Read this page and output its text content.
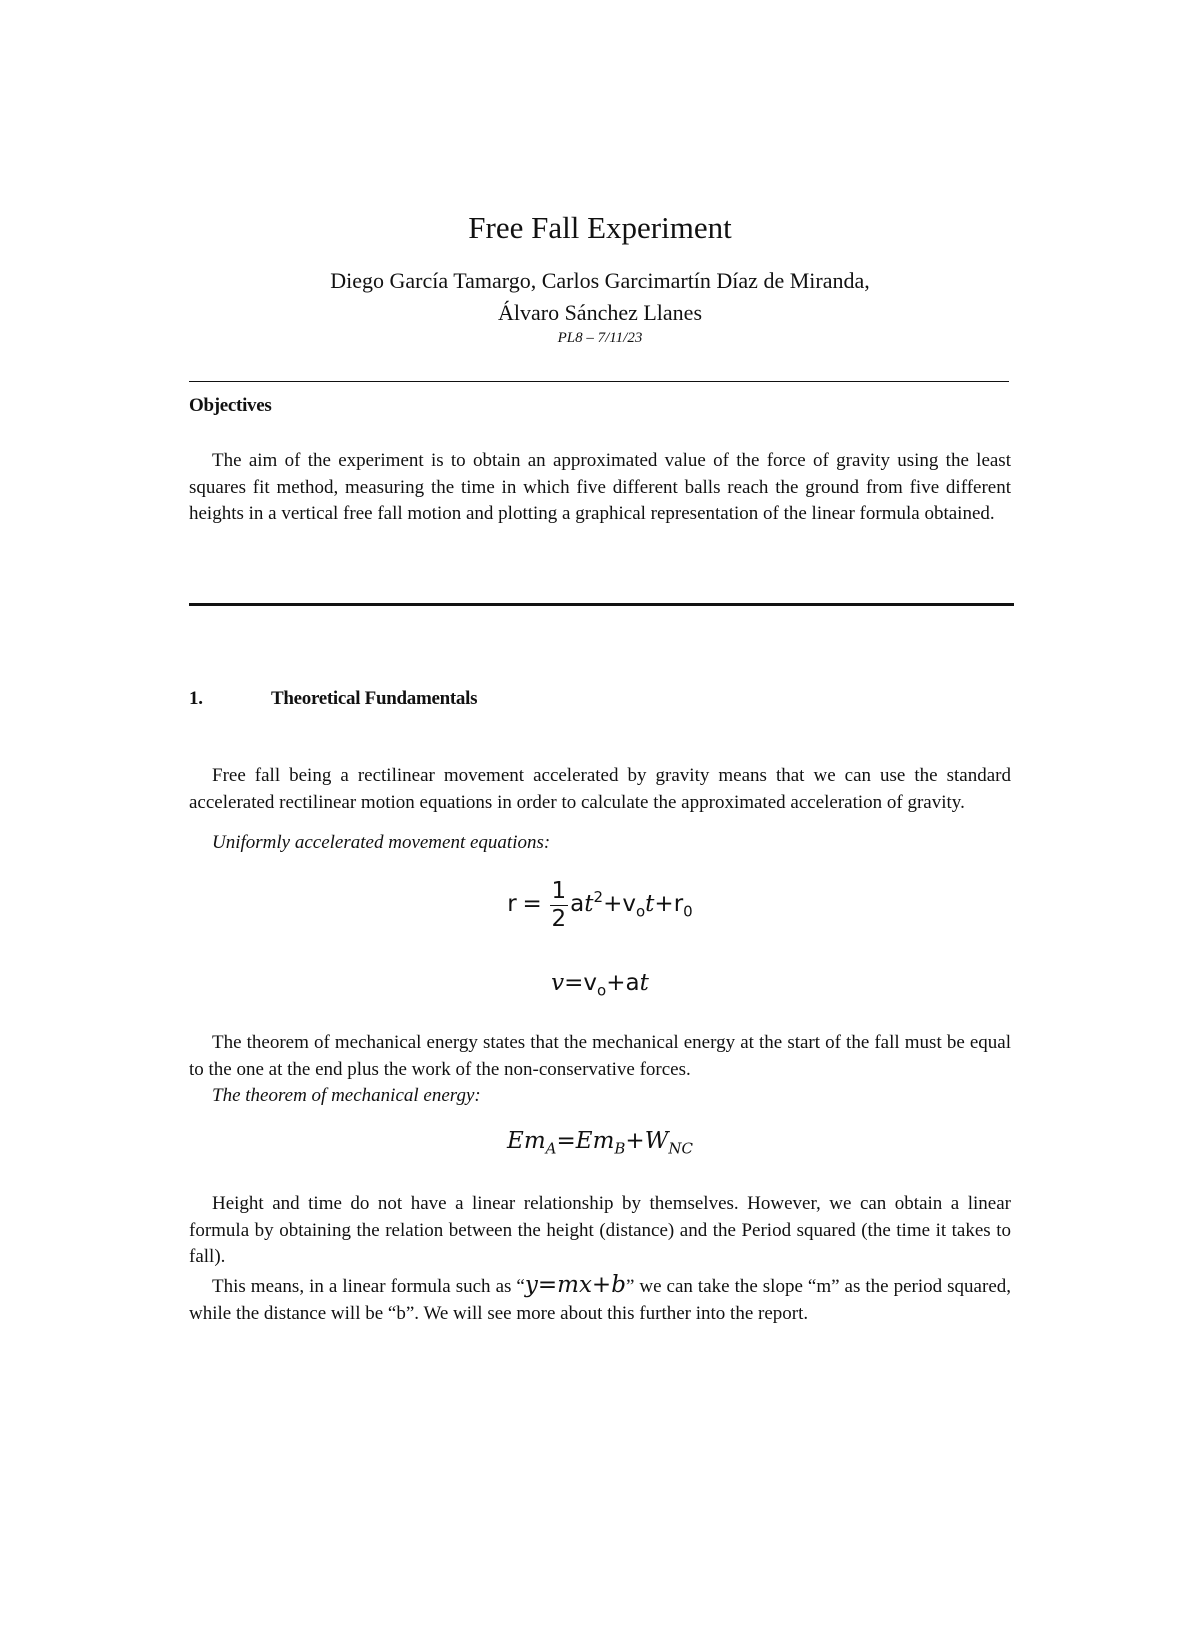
Free Fall Experiment
Diego García Tamargo, Carlos Garcimartín Díaz de Miranda,
Álvaro Sánchez Llanes
PL8 – 7/11/23
Objectives

The aim of the experiment is to obtain an approximated value of the force of gravity using the least squares fit method, measuring the time in which five different balls reach the ground from five different heights in a vertical free fall motion and plotting a graphical representation of the linear formula obtained.

1.	Theoretical Fundamentals

Free fall being a rectilinear movement accelerated by gravity means that we can use the standard accelerated rectilinear motion equations in order to calculate the approximated acceleration of gravity.

Uniformly accelerated movement equations:

$r = \frac{1}{2} at^2+v_ot+r_0$
$v=v_o+at$

The theorem of mechanical energy states that the mechanical energy at the start of the fall must be equal to the one at the end plus the work of the non-conservative forces.

The theorem of mechanical energy:

$Em_A=Em_B+W_{NC}$

Height and time do not have a linear relationship by themselves. However, we can obtain a linear formula by obtaining the relation between the height (distance) and the Period squared (the time it takes to fall).

This means, in a linear formula such as “y=mx+b” we can take the slope “m” as the period squared, while the distance will be “b”. We will see more about this further into the report.
